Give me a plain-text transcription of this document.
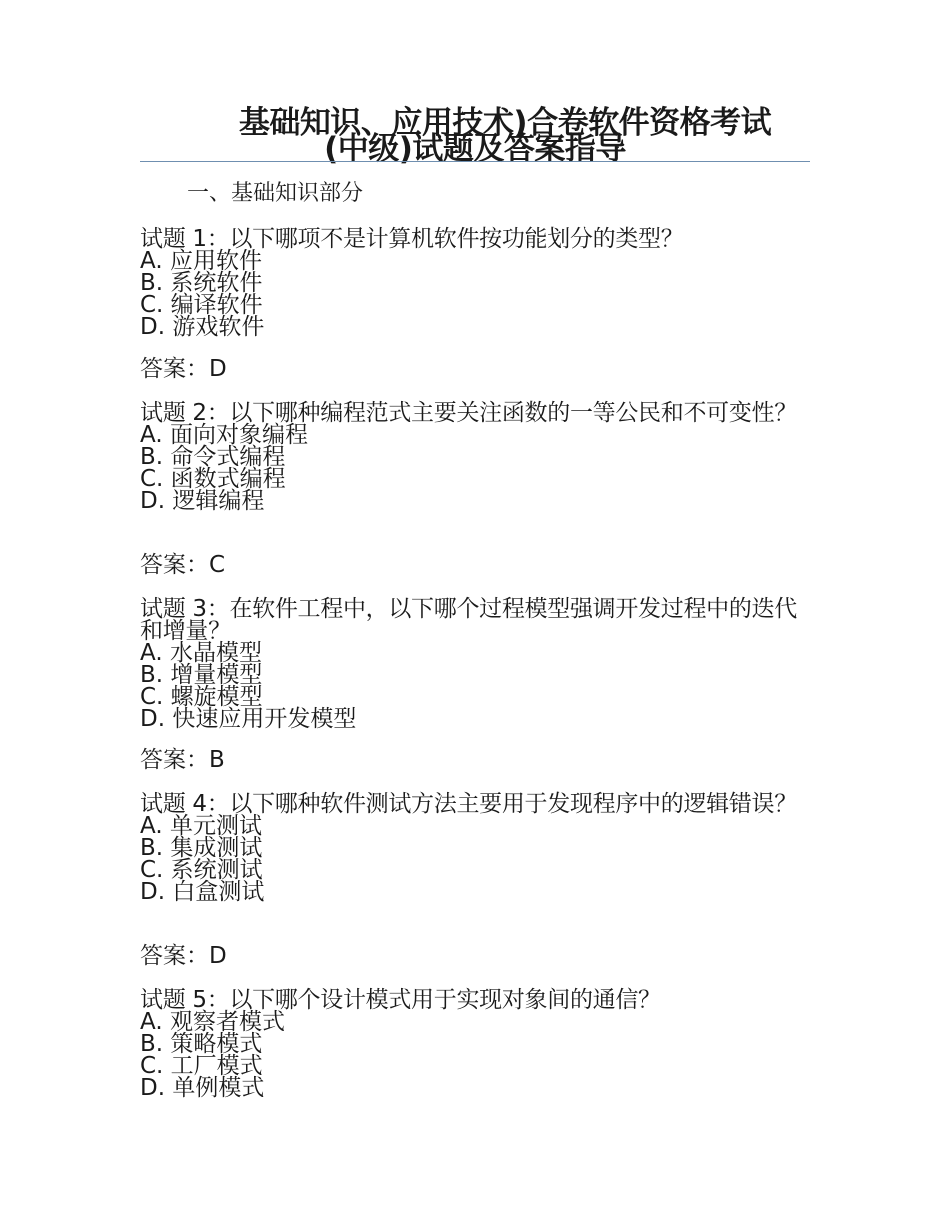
基础知识、应用技术)合卷软件资格考试
(中级)试题及答案指导
一、基础知识部分

试题 1：以下哪项不是计算机软件按功能划分的类型？

A. 应用软件
B. 系统软件
C. 编译软件
D. 游戏软件
答案：D

试题 2：以下哪种编程范式主要关注函数的一等公民和不可变性？

A. 面向对象编程
B. 命令式编程
C. 函数式编程
D. 逻辑编程
答案：C

试题 3：在软件工程中，以下哪个过程模型强调开发过程中的迭代和增量？

A. 水晶模型
B. 增量模型
C. 螺旋模型
D. 快速应用开发模型
答案：B

试题 4：以下哪种软件测试方法主要用于发现程序中的逻辑错误？

A. 单元测试
B. 集成测试
C. 系统测试
D. 白盒测试
答案：D

试题 5：以下哪个设计模式用于实现对象间的通信？

A. 观察者模式
B. 策略模式
C. 工厂模式
D. 单例模式
